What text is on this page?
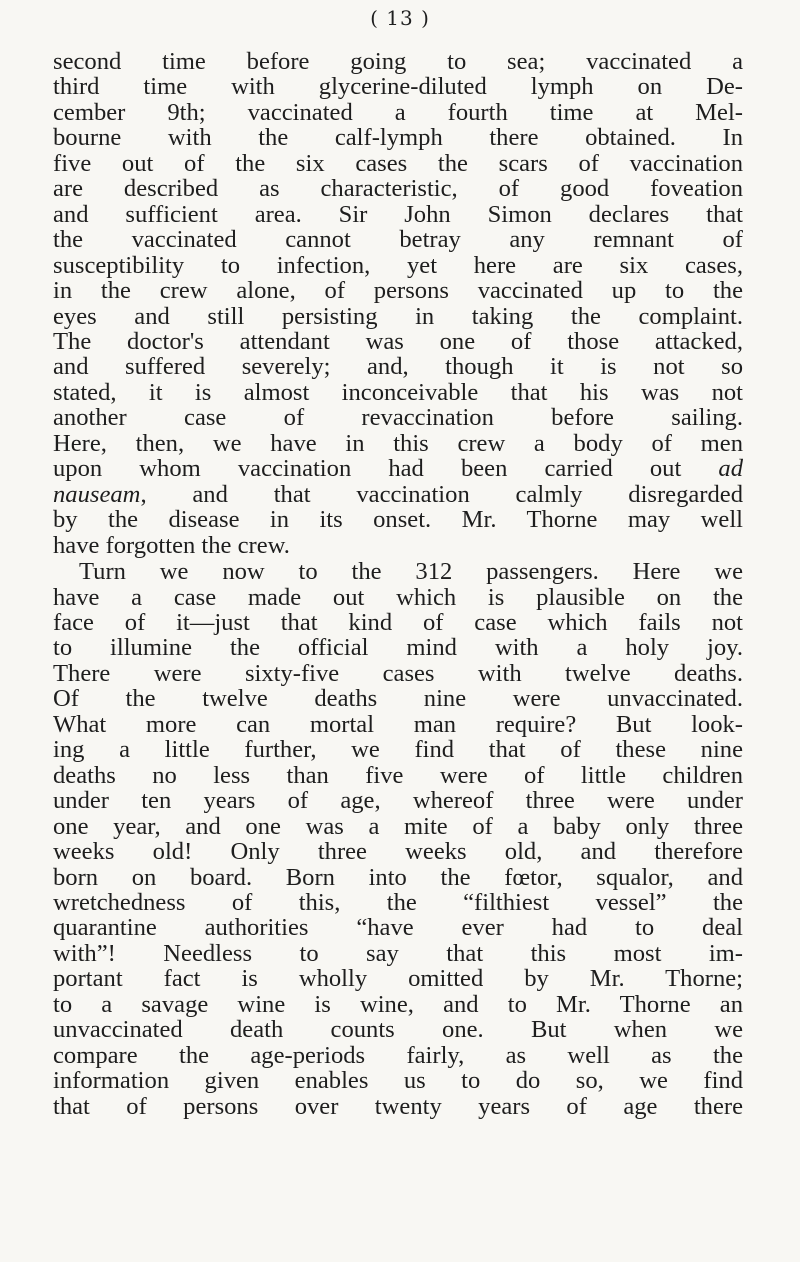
( 13 )

second time before going to sea; vaccinated a
third time with glycerine-diluted lymph on De-
cember 9th; vaccinated a fourth time at Mel-
bourne with the calf-lymph there obtained. In
five out of the six cases the scars of vaccination
are described as characteristic, of good foveation
and sufficient area. Sir John Simon declares that
the vaccinated cannot betray any remnant of
susceptibility to infection, yet here are six cases,
in the crew alone, of persons vaccinated up to the
eyes and still persisting in taking the complaint.
The doctor's attendant was one of those attacked,
and suffered severely; and, though it is not so
stated, it is almost inconceivable that his was not
another case of revaccination before sailing.
Here, then, we have in this crew a body of men
upon whom vaccination had been carried out ad
nauseam, and that vaccination calmly disregarded
by the disease in its onset. Mr. Thorne may well
have forgotten the crew.

Turn we now to the 312 passengers. Here we
have a case made out which is plausible on the
face of it—just that kind of case which fails not
to illumine the official mind with a holy joy.
There were sixty-five cases with twelve deaths.
Of the twelve deaths nine were unvaccinated.
What more can mortal man require? But look-
ing a little further, we find that of these nine
deaths no less than five were of little children
under ten years of age, whereof three were under
one year, and one was a mite of a baby only three
weeks old! Only three weeks old, and therefore
born on board. Born into the fœtor, squalor, and
wretchedness of this, the “filthiest vessel” the
quarantine authorities “have ever had to deal
with”! Needless to say that this most im-
portant fact is wholly omitted by Mr. Thorne;
to a savage wine is wine, and to Mr. Thorne an
unvaccinated death counts one. But when we
compare the age-periods fairly, as well as the
information given enables us to do so, we find
that of persons over twenty years of age there
